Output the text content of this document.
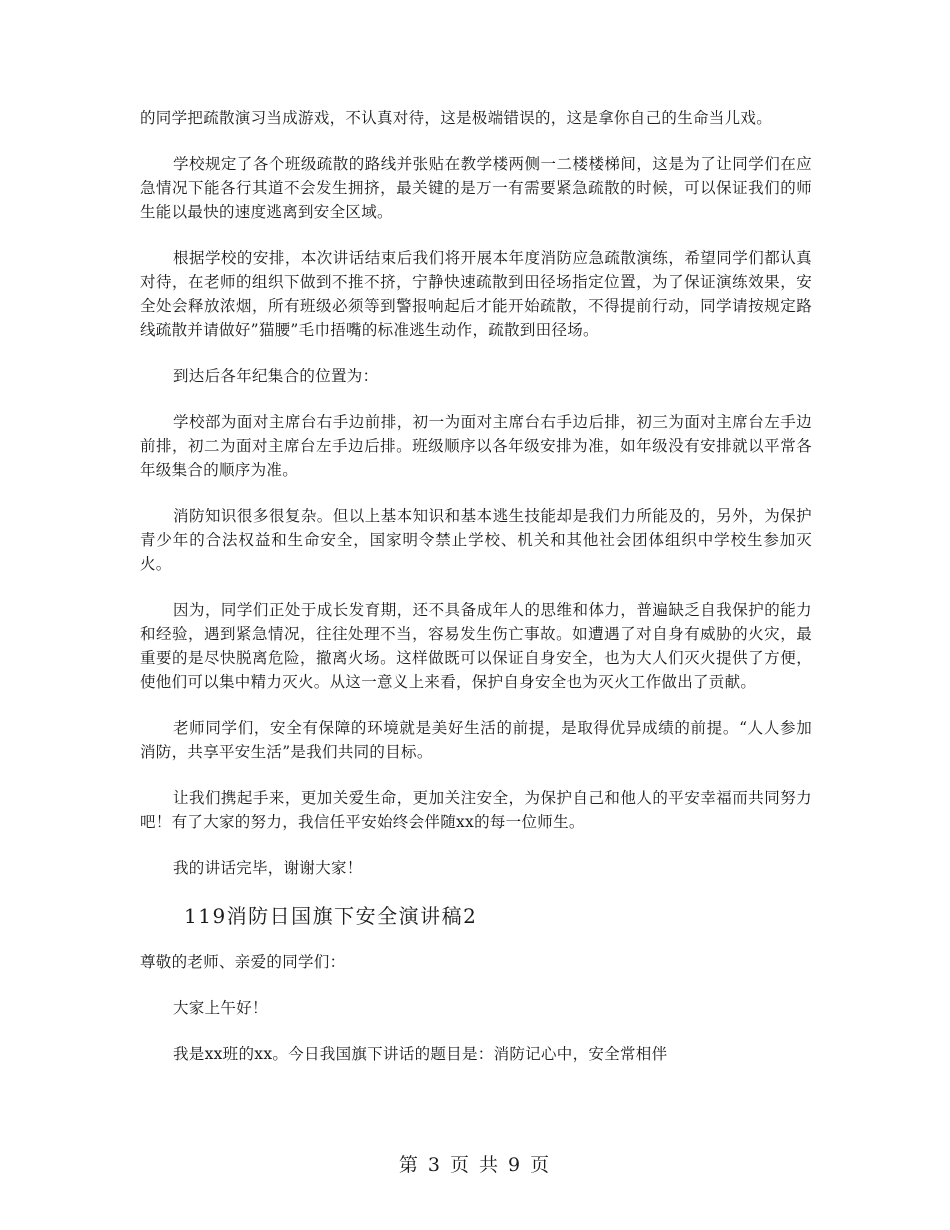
的同学把疏散演习当成游戏，不认真对待，这是极端错误的，这是拿你自己的生命当儿戏。

学校规定了各个班级疏散的路线并张贴在教学楼两侧一二楼楼梯间，这是为了让同学们在应急情况下能各行其道不会发生拥挤，最关键的是万一有需要紧急疏散的时候，可以保证我们的师生能以最快的速度逃离到安全区域。

根据学校的安排，本次讲话结束后我们将开展本年度消防应急疏散演练，希望同学们都认真对待，在老师的组织下做到不推不挤，宁静快速疏散到田径场指定位置，为了保证演练效果，安全处会释放浓烟，所有班级必须等到警报响起后才能开始疏散，不得提前行动，同学请按规定路线疏散并请做好”猫腰”毛巾捂嘴的标准逃生动作，疏散到田径场。

到达后各年纪集合的位置为：

学校部为面对主席台右手边前排，初一为面对主席台右手边后排，初三为面对主席台左手边前排，初二为面对主席台左手边后排。班级顺序以各年级安排为准，如年级没有安排就以平常各年级集合的顺序为准。

消防知识很多很复杂。但以上基本知识和基本逃生技能却是我们力所能及的，另外，为保护青少年的合法权益和生命安全，国家明令禁止学校、机关和其他社会团体组织中学校生参加灭火。

因为，同学们正处于成长发育期，还不具备成年人的思维和体力，普遍缺乏自我保护的能力和经验，遇到紧急情况，往往处理不当，容易发生伤亡事故。如遭遇了对自身有威胁的火灾，最重要的是尽快脱离危险，撤离火场。这样做既可以保证自身安全，也为大人们灭火提供了方便，使他们可以集中精力灭火。从这一意义上来看，保护自身安全也为灭火工作做出了贡献。

老师同学们，安全有保障的环境就是美好生活的前提，是取得优异成绩的前提。“人人参加消防，共享平安生活”是我们共同的目标。

让我们携起手来，更加关爱生命，更加关注安全，为保护自己和他人的平安幸福而共同努力吧！有了大家的努力，我信任平安始终会伴随xx的每一位师生。

我的讲话完毕，谢谢大家！

119消防日国旗下安全演讲稿2

尊敬的老师、亲爱的同学们：

大家上午好！

我是xx班的xx。今日我国旗下讲话的题目是：消防记心中，安全常相伴

第 3 页 共 9 页
